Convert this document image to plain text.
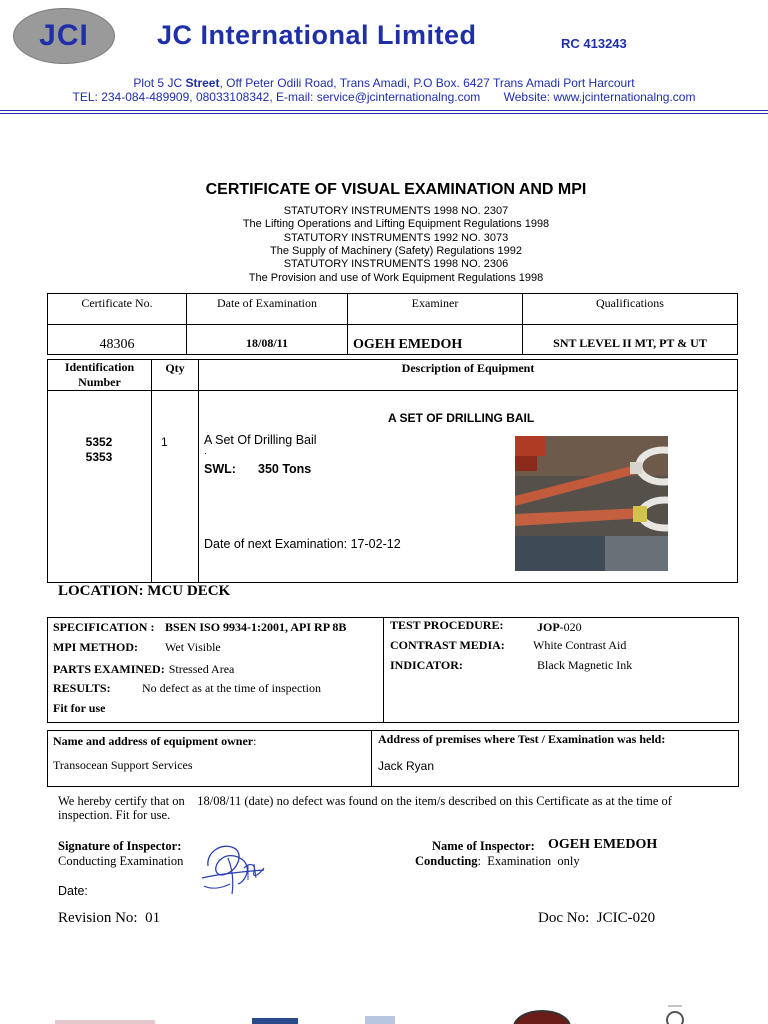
JCI	JC International Limited	RC 413243
Plot 5 JC Street, Off Peter Odili Road, Trans Amadi, P.O Box. 6427 Trans Amadi Port Harcourt
TEL: 234-084-489909, 08033108342, E-mail: service@jcinternationalng.com       Website: www.jcinternationalng.com
CERTIFICATE OF VISUAL EXAMINATION AND MPI
STATUTORY INSTRUMENTS 1998 NO. 2307
The Lifting Operations and Lifting Equipment Regulations 1998
STATUTORY INSTRUMENTS 1992 NO. 3073
The Supply of Machinery (Safety) Regulations 1992
STATUTORY INSTRUMENTS 1998 NO. 2306
The Provision and use of Work Equipment Regulations 1998
Certificate No.	Date of Examination	Examiner	Qualifications
48306	18/08/11	OGEH EMEDOH	SNT LEVEL II MT, PT & UT
Identification Number	Qty	Description of Equipment

5352
5353
1
A SET OF DRILLING BAIL
A Set Of Drilling Bail
.
SWL: 350 Tons
Date of next Examination: 17-02-12
LOCATION: MCU DECK
SPECIFICATION : BSEN ISO 9934-1:2001, API RP 8B
MPI METHOD: Wet Visible
PARTS EXAMINED: Stressed Area
RESULTS:	No defect as at the time of inspection
Fit for use
TEST PROCEDURE:	JOP-020
CONTRAST MEDIA: White Contrast Aid
INDICATOR:	Black Magnetic Ink
Name and address of equipment owner:
Transocean Support Services
Address of premises where Test / Examination was held:
Jack Ryan
We hereby certify that on    18/08/11 (date) no defect was found on the item/s described on this Certificate as at the time of
inspection. Fit for use.
Signature of Inspector:
Conducting Examination
Date:
Name of Inspector: OGEH EMEDOH
Conducting:  Examination  only
Revision No:  01	Doc No:  JCIC-020
